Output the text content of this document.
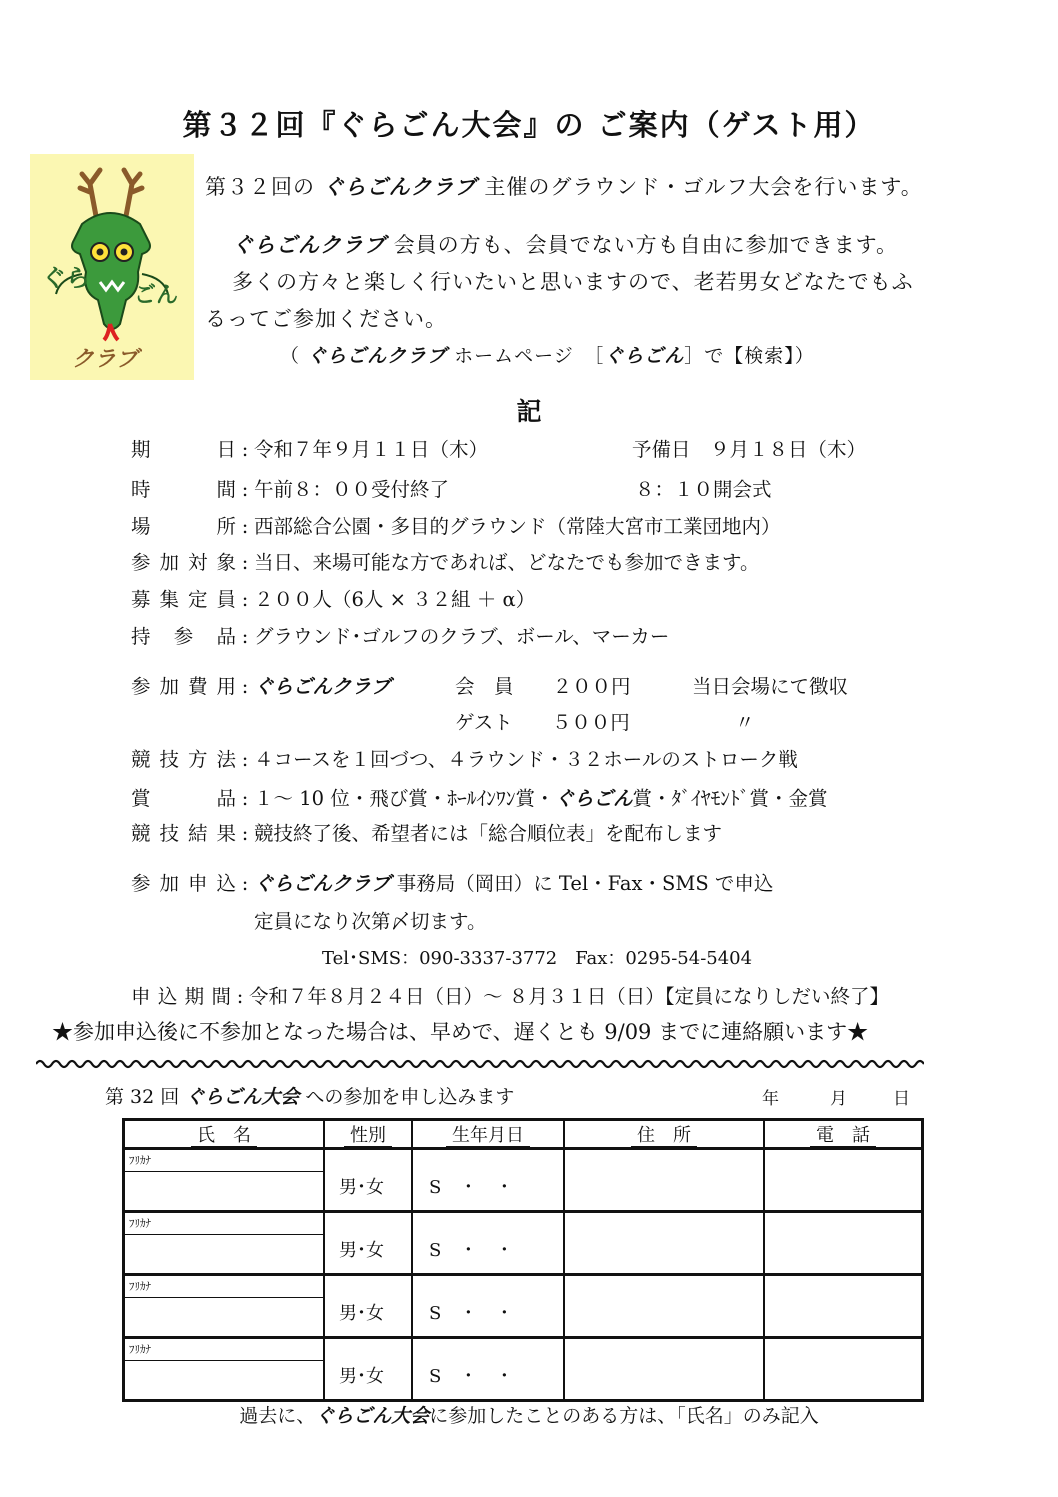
第３２回『ぐらごん大会』の ご案内（ゲスト用）
ぐら
ごん
クラブ
第３２回の ぐらごんクラブ 主催のグラウンド・ゴルフ大会を行います。
ぐらごんクラブ 会員の方も、会員でない方も自由に参加できます。
多くの方々と楽しく行いたいと思いますので、老若男女どなたでもふ
るってご参加ください。
（ ぐらごんクラブ ホームページ　［ぐらごん］で【検索】）
記
期日 : 令和７年９月１１日（木）	予備日　９月１８日（木）
時間 : 午前８：００受付終了	８：１０開会式
場所 : 西部総合公園・多目的グラウンド（常陸大宮市工業団地内）
参加対象 : 当日、来場可能な方であれば、どなたでも参加できます。
募集定員 : ２００人（6人 × ３２組 ＋ α）
持参品 : グラウンド･ゴルフのクラブ、ボール、マーカー
参加費用 : ぐらごんクラブ	会　員　　２００円	当日会場にて徴収
ゲスト　　５００円	〃
競技方法 : ４コースを１回づつ、４ラウンド・３２ホールのストローク戦
賞品 : １～ 10 位・飛び賞・ﾎｰﾙｲﾝﾜﾝ賞・ぐらごん賞・ﾀﾞｲﾔﾓﾝﾄﾞ賞・金賞
競技結果 : 競技終了後、希望者には「総合順位表」を配布します
参加申込 : ぐらごんクラブ 事務局（岡田）に Tel・Fax・SMS で申込
定員になり次第〆切ます。
Tel･SMS：090-3337-3772　Fax：0295-54-5404
申込期間 : 令和７年８月２４日（日）～ ８月３１日（日）【定員になりしだい終了】
★参加申込後に不参加となった場合は、早めで、遅くとも 9/09 までに連絡願います★
第 32 回 ぐらごん大会 への参加を申し込みます	年	月	日
氏　名	性別	生年月日	住　所	電　話

ﾌﾘｶﾅ	男･女	S　・　・		

ﾌﾘｶﾅ	男･女	S　・　・		

ﾌﾘｶﾅ	男･女	S　・　・		

ﾌﾘｶﾅ	男･女	S　・　・		
過去に、ぐらごん大会に参加したことのある方は、「氏名」のみ記入
